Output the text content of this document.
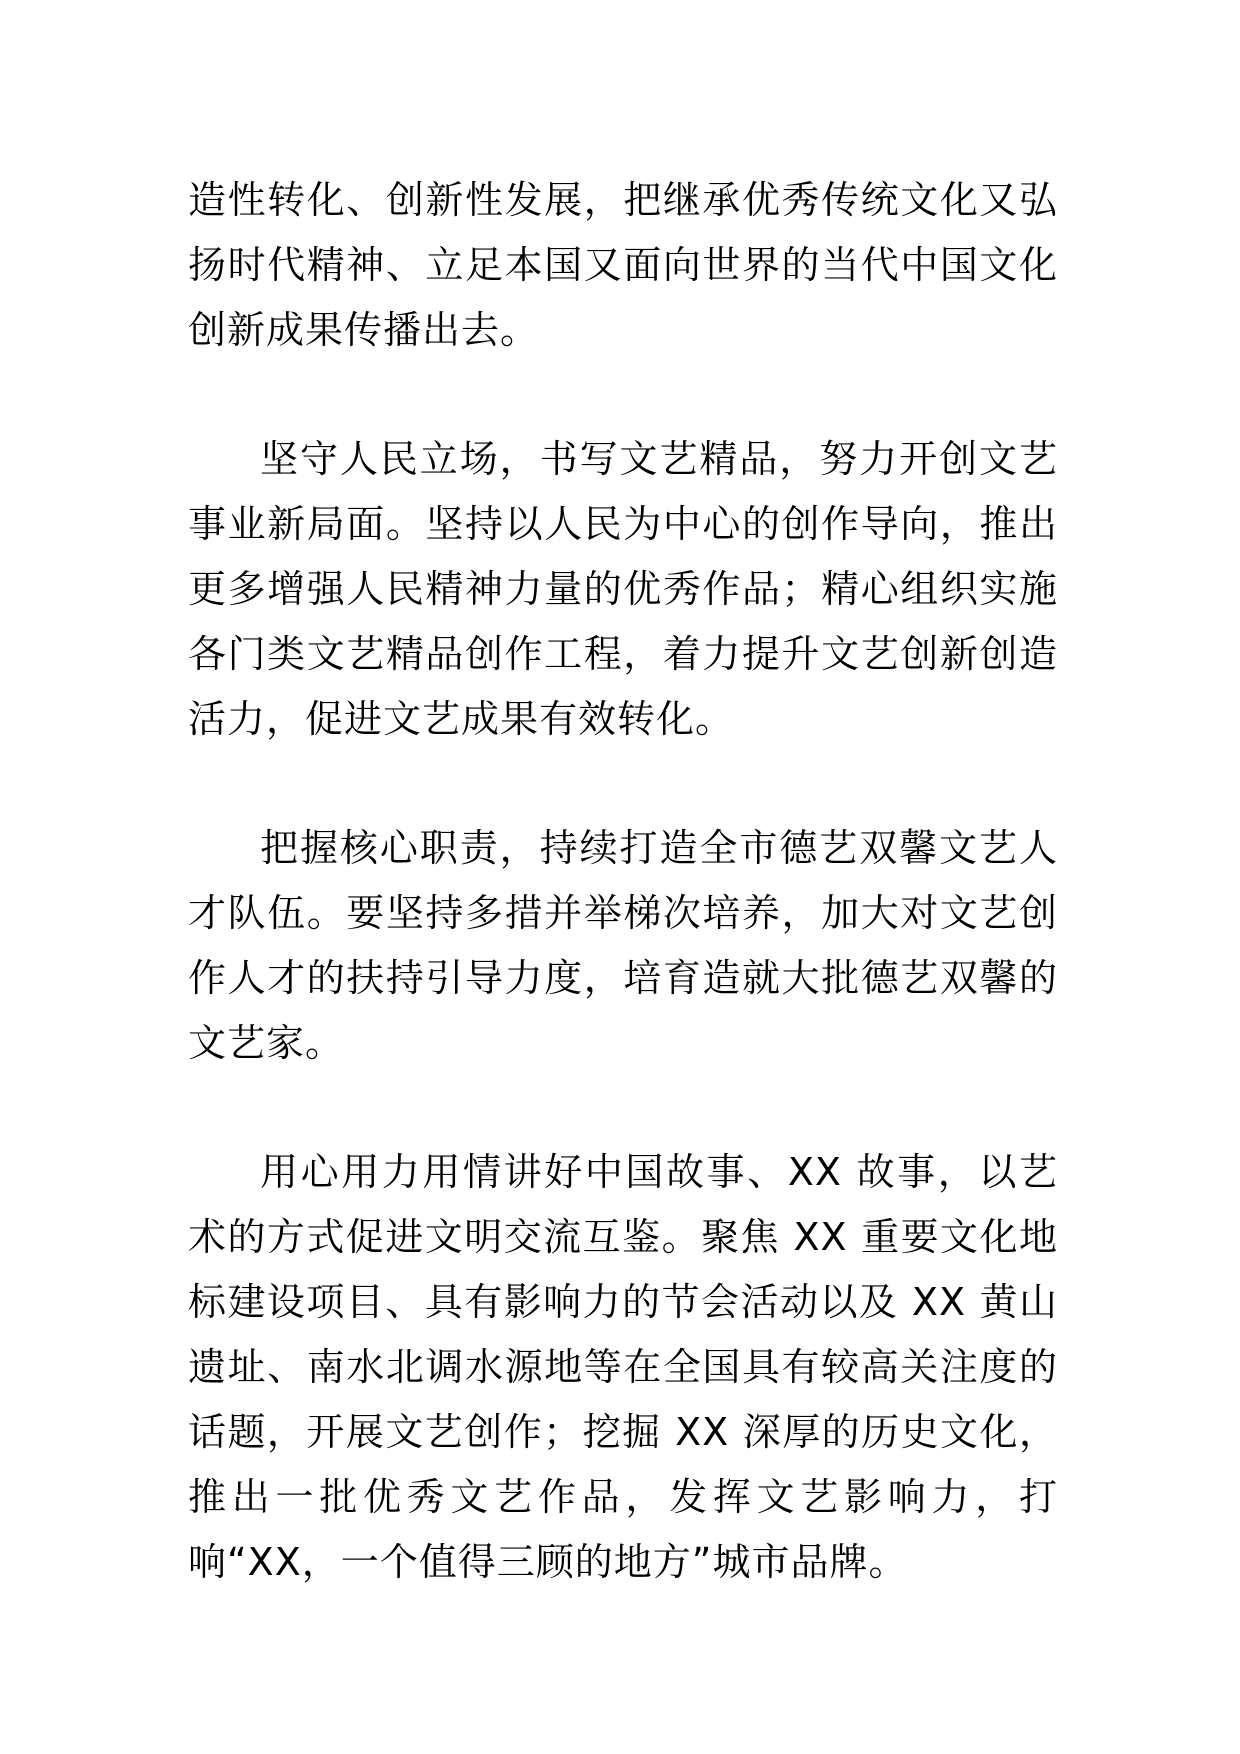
造性转化、创新性发展，把继承优秀传统文化又弘扬时代精神、立足本国又面向世界的当代中国文化创新成果传播出去。

坚守人民立场，书写文艺精品，努力开创文艺事业新局面。坚持以人民为中心的创作导向，推出更多增强人民精神力量的优秀作品；精心组织实施各门类文艺精品创作工程，着力提升文艺创新创造活力，促进文艺成果有效转化。

把握核心职责，持续打造全市德艺双馨文艺人才队伍。要坚持多措并举梯次培养，加大对文艺创作人才的扶持引导力度，培育造就大批德艺双馨的文艺家。

用心用力用情讲好中国故事、XX 故事，以艺术的方式促进文明交流互鉴。聚焦 XX 重要文化地标建设项目、具有影响力的节会活动以及 XX 黄山遗址、南水北调水源地等在全国具有较高关注度的话题，开展文艺创作；挖掘 XX 深厚的历史文化，推出一批优秀文艺作品，发挥文艺影响力，打响“XX，一个值得三顾的地方”城市品牌。
